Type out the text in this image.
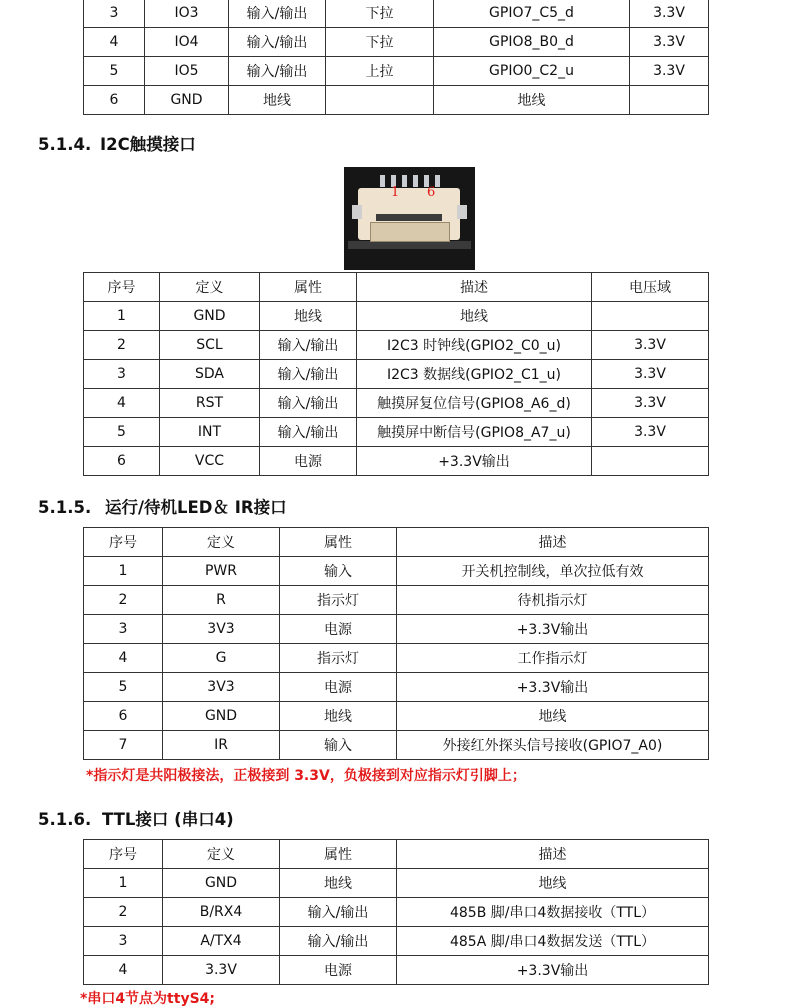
3	IO3	输入/输出	下拉	GPIO7_C5_d	3.3V
4	IO4	输入/输出	下拉	GPIO8_B0_d	3.3V
5	IO5	输入/输出	上拉	GPIO0_C2_u	3.3V
6	GND	地线		地线	
5.1.4. I2C触摸接口
1 6
序号	定义	属性	描述	电压域
1	GND	地线	地线	
2	SCL	输入/输出	I2C3 时钟线(GPIO2_C0_u)	3.3V
3	SDA	输入/输出	I2C3 数据线(GPIO2_C1_u)	3.3V
4	RST	输入/输出	触摸屏复位信号(GPIO8_A6_d)	3.3V
5	INT	输入/输出	触摸屏中断信号(GPIO8_A7_u)	3.3V
6	VCC	电源	+3.3V输出	
5.1.5. 运行/待机LED＆ IR接口
序号	定义	属性	描述
1	PWR	输入	开关机控制线，单次拉低有效
2	R	指示灯	待机指示灯
3	3V3	电源	+3.3V输出
4	G	指示灯	工作指示灯
5	3V3	电源	+3.3V输出
6	GND	地线	地线
7	IR	输入	外接红外探头信号接收(GPIO7_A0)
*指示灯是共阳极接法，正极接到 3.3V，负极接到对应指示灯引脚上；
5.1.6. TTL接口 (串口4)
序号	定义	属性	描述
1	GND	地线	地线
2	B/RX4	输入/输出	485B 脚/串口4数据接收（TTL）
3	A/TX4	输入/输出	485A 脚/串口4数据发送（TTL）
4	3.3V	电源	+3.3V输出
*串口4节点为ttyS4;
